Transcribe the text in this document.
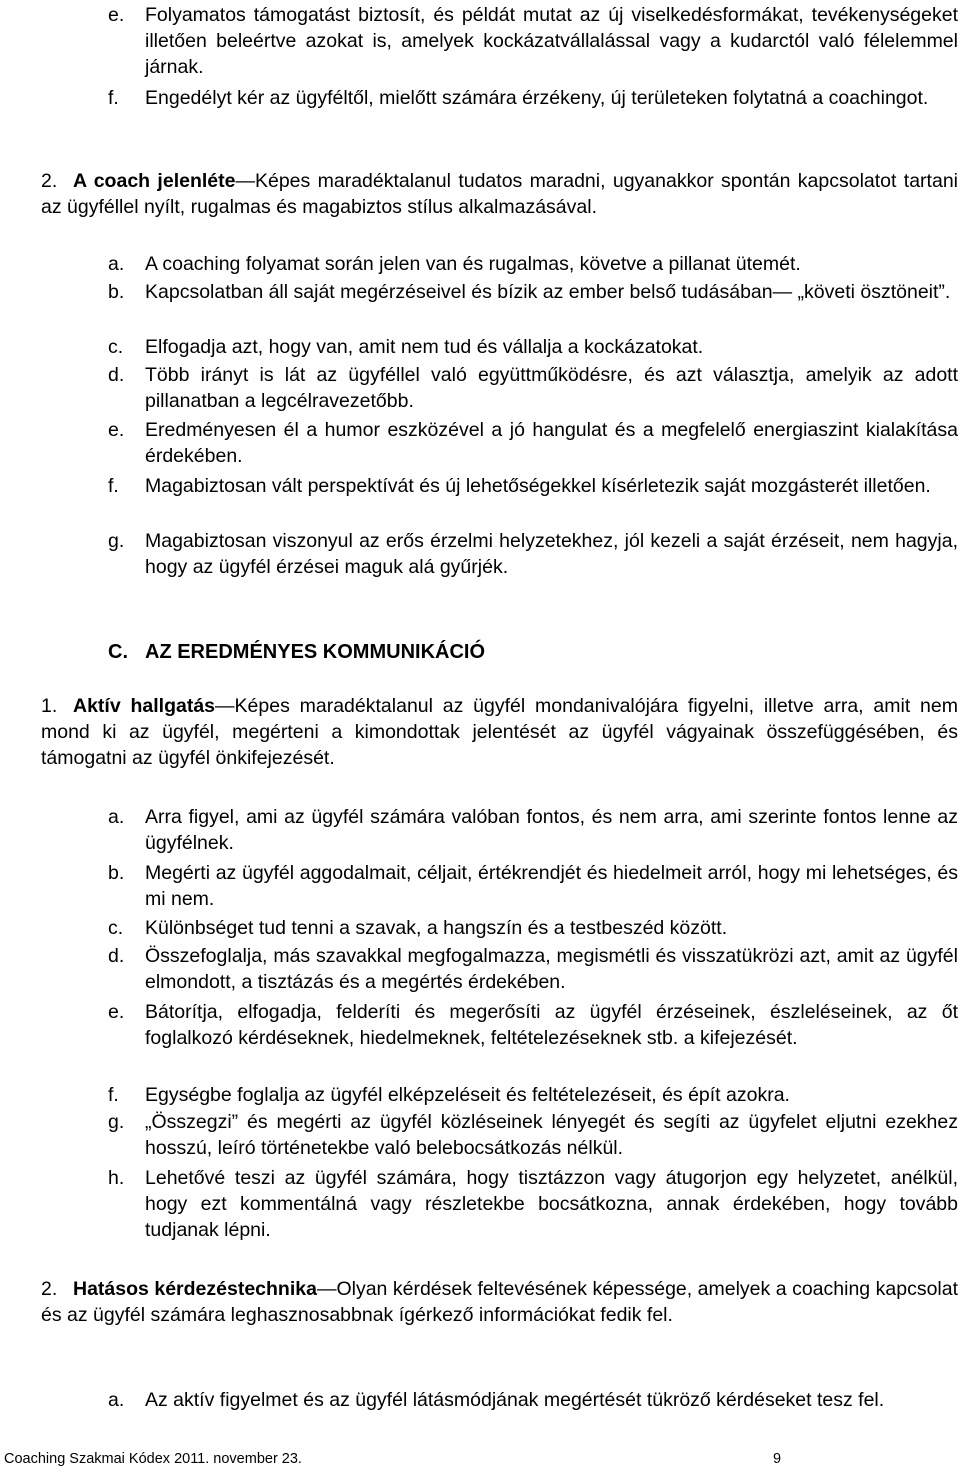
e. Folyamatos támogatást biztosít, és példát mutat az új viselkedésformákat, tevékenységeket illetően beleértve azokat is, amelyek kockázatvállalással vagy a kudarctól való félelemmel járnak.

f. Engedélyt kér az ügyféltől, mielőtt számára érzékeny, új területeken folytatná a coachingot.

2. A coach jelenléte—Képes maradéktalanul tudatos maradni, ugyanakkor spontán kapcsolatot tartani az ügyféllel nyílt, rugalmas és magabiztos stílus alkalmazásával.

a. A coaching folyamat során jelen van és rugalmas, követve a pillanat ütemét.

b. Kapcsolatban áll saját megérzéseivel és bízik az ember belső tudásában— „követi ösztöneit”.

c. Elfogadja azt, hogy van, amit nem tud és vállalja a kockázatokat.

d. Több irányt is lát az ügyféllel való együttműködésre, és azt választja, amelyik az adott pillanatban a legcélravezetőbb.

e. Eredményesen él a humor eszközével a jó hangulat és a megfelelő energiaszint kialakítása érdekében.

f. Magabiztosan vált perspektívát és új lehetőségekkel kísérletezik saját mozgásterét illetően.

g. Magabiztosan viszonyul az erős érzelmi helyzetekhez, jól kezeli a saját érzéseit, nem hagyja, hogy az ügyfél érzései maguk alá gyűrjék.

C. AZ EREDMÉNYES KOMMUNIKÁCIÓ
1. Aktív hallgatás—Képes maradéktalanul az ügyfél mondanivalójára figyelni, illetve arra, amit nem mond ki az ügyfél, megérteni a kimondottak jelentését az ügyfél vágyainak összefüggésében, és támogatni az ügyfél önkifejezését.

a. Arra figyel, ami az ügyfél számára valóban fontos, és nem arra, ami szerinte fontos lenne az ügyfélnek.

b. Megérti az ügyfél aggodalmait, céljait, értékrendjét és hiedelmeit arról, hogy mi lehetséges, és mi nem.

c. Különbséget tud tenni a szavak, a hangszín és a testbeszéd között.

d. Összefoglalja, más szavakkal megfogalmazza, megismétli és visszatükrözi azt, amit az ügyfél elmondott, a tisztázás és a megértés érdekében.

e. Bátorítja, elfogadja, felderíti és megerősíti az ügyfél érzéseinek, észleléseinek, az őt foglalkozó kérdéseknek, hiedelmeknek, feltételezéseknek stb. a kifejezését.

f. Egységbe foglalja az ügyfél elképzeléseit és feltételezéseit, és épít azokra.

g. „Összegzi” és megérti az ügyfél közléseinek lényegét és segíti az ügyfelet eljutni ezekhez hosszú, leíró történetekbe való belebocsátkozás nélkül.

h. Lehetővé teszi az ügyfél számára, hogy tisztázzon vagy átugorjon egy helyzetet, anélkül, hogy ezt kommentálná vagy részletekbe bocsátkozna, annak érdekében, hogy tovább tudjanak lépni.

2. Hatásos kérdezéstechnika—Olyan kérdések feltevésének képessége, amelyek a coaching kapcsolat és az ügyfél számára leghasznosabbnak ígérkező információkat fedik fel.

a. Az aktív figyelmet és az ügyfél látásmódjának megértését tükröző kérdéseket tesz fel.

Coaching Szakmai Kódex 2011. november 23.	9
